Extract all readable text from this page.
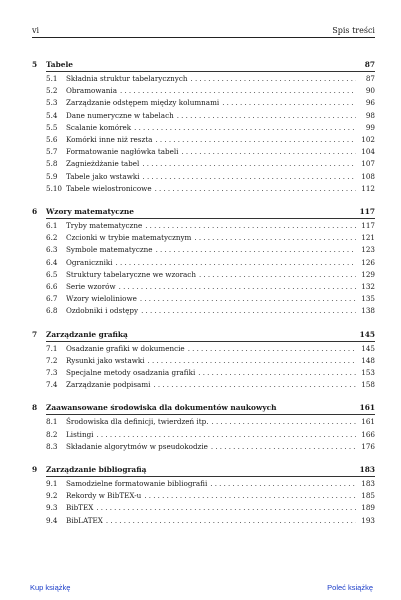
vi	Spis treści
5	Tabele	87
5.1	Składnia struktur tabelarycznych . . .	87
5.2	Obramowania . . .	90
5.3	Zarządzanie odstępem między kolumnami . . .	96
5.4	Dane numeryczne w tabelach . . .	98
5.5	Scalanie komórek . . .	99
5.6	Komórki inne niż reszta . . .	102
5.7	Formatowanie nagłówka tabeli . . .	104
5.8	Zagnieżdżanie tabel . . .	107
5.9	Tabele jako wstawki . . .	108
5.10 Tabele wielostronicowe . . .	112
6	Wzory matematyczne	117
6.1	Tryby matematyczne . . .	117
6.2	Czcionki w trybie matematycznym . . .	121
6.3	Symbole matematyczne . . .	123
6.4	Ograniczniki . . .	126
6.5	Struktury tabelaryczne we wzorach . . .	129
6.6	Serie wzorów . . .	132
6.7	Wzory wieloliniowe . . .	135
6.8	Ozdobniki i odstępy . . .	138
7	Zarządzanie grafiką	145
7.1	Osadzanie grafiki w dokumencie . . .	145
7.2	Rysunki jako wstawki . . .	148
7.3	Specjalne metody osadzania grafiki . . .	153
7.4	Zarządzanie podpisami . . .	158
8	Zaawansowane środowiska dla dokumentów naukowych	161
8.1	Środowiska dla definicji, twierdzeń itp. . . .	161
8.2	Listingi . . .	166
8.3	Składanie algorytmów w pseudokodzie . . .	176
9	Zarządzanie bibliografią	183
9.1	Samodzielne formatowanie bibliografii . . .	183
9.2	Rekordy w BibTEX-u . . .	185
9.3	BibTEX . . .	189
9.4	BibLATEX . . .	193
Kup książkę	Poleć książkę
